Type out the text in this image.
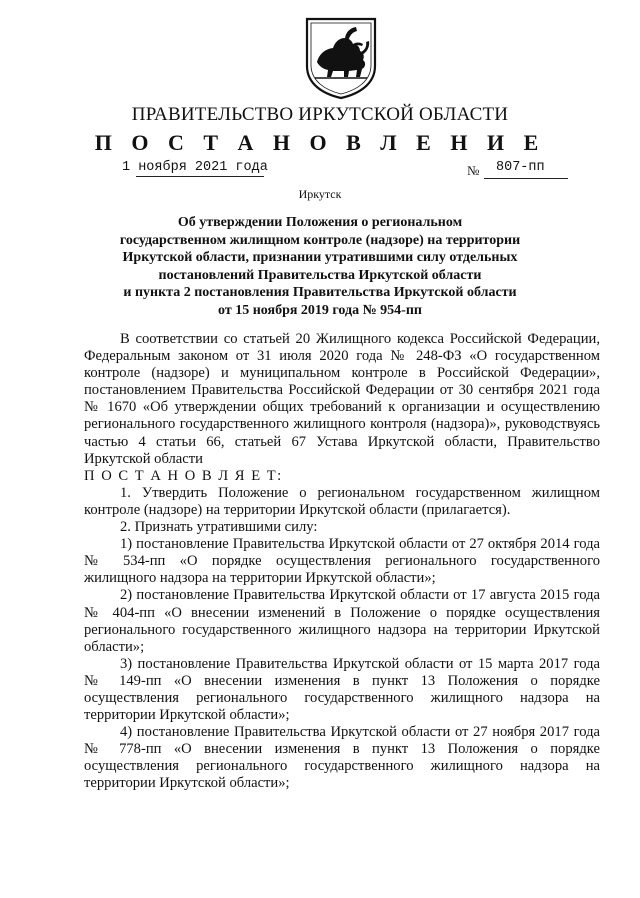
ПРАВИТЕЛЬСТВО ИРКУТСКОЙ ОБЛАСТИ
П О С Т А Н О В Л Е Н И Е
1 ноября 2021 года	№ 807-пп
Иркутск
Об утверждении Положения о региональном
государственном жилищном контроле (надзоре) на территории
Иркутской области, признании утратившими силу отдельных
постановлений Правительства Иркутской области
и пункта 2 постановления Правительства Иркутской области
от 15 ноября 2019 года № 954-пп

В соответствии со статьей 20 Жилищного кодекса Российской Федерации, Федеральным законом от 31 июля 2020 года № 248-ФЗ «О государственном контроле (надзоре) и муниципальном контроле в Российской Федерации», постановлением Правительства Российской Федерации от 30 сентября 2021 года № 1670 «Об утверждении общих требований к организации и осуществлению регионального государственного жилищного контроля (надзора)», руководствуясь частью 4 статьи 66, статьей 67 Устава Иркутской области, Правительство Иркутской области

П О С Т А Н О В Л Я Е Т:

1. Утвердить Положение о региональном государственном жилищном контроле (надзоре) на территории Иркутской области (прилагается).

2. Признать утратившими силу:

1) постановление Правительства Иркутской области от 27 октября 2014 года № 534-пп «О порядке осуществления регионального государственного жилищного надзора на территории Иркутской области»;

2) постановление Правительства Иркутской области от 17 августа 2015 года № 404-пп «О внесении изменений в Положение о порядке осуществления регионального государственного жилищного надзора на территории Иркутской области»;

3) постановление Правительства Иркутской области от 15 марта 2017 года № 149-пп «О внесении изменения в пункт 13 Положения о порядке осуществления регионального государственного жилищного надзора на территории Иркутской области»;

4) постановление Правительства Иркутской области от 27 ноября 2017 года № 778-пп «О внесении изменения в пункт 13 Положения о порядке осуществления регионального государственного жилищного надзора на территории Иркутской области»;
